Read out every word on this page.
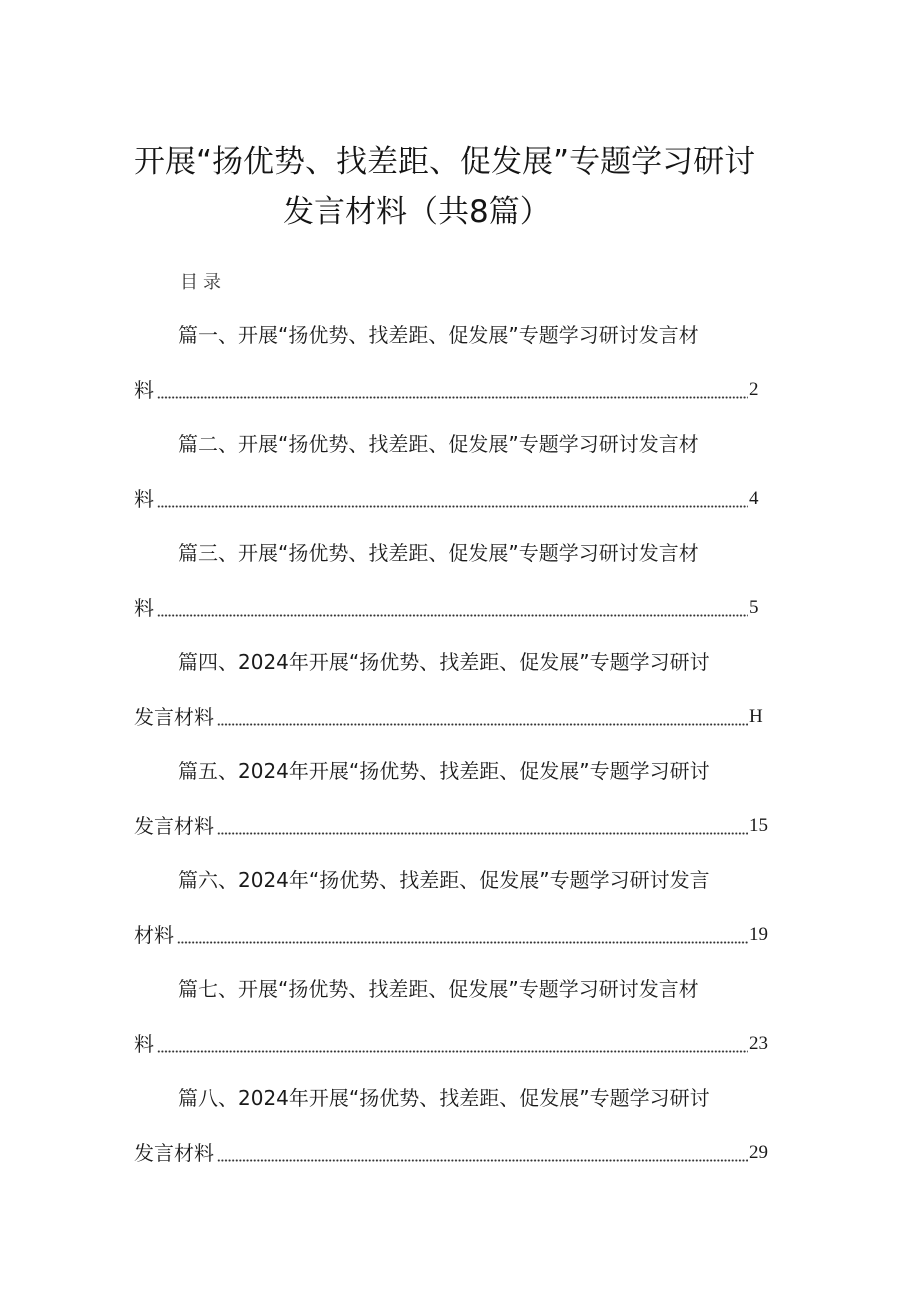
开展“扬优势、找差距、促发展”专题学习研讨
发言材料（共8篇）
目录
篇一、开展“扬优势、找差距、促发展”专题学习研讨发言材
料	2
篇二、开展“扬优势、找差距、促发展”专题学习研讨发言材
料	4
篇三、开展“扬优势、找差距、促发展”专题学习研讨发言材
料	5
篇四、2024年开展“扬优势、找差距、促发展”专题学习研讨
发言材料	H
篇五、2024年开展“扬优势、找差距、促发展”专题学习研讨
发言材料	15
篇六、2024年“扬优势、找差距、促发展”专题学习研讨发言
材料	19
篇七、开展“扬优势、找差距、促发展”专题学习研讨发言材
料	23
篇八、2024年开展“扬优势、找差距、促发展”专题学习研讨
发言材料	29
